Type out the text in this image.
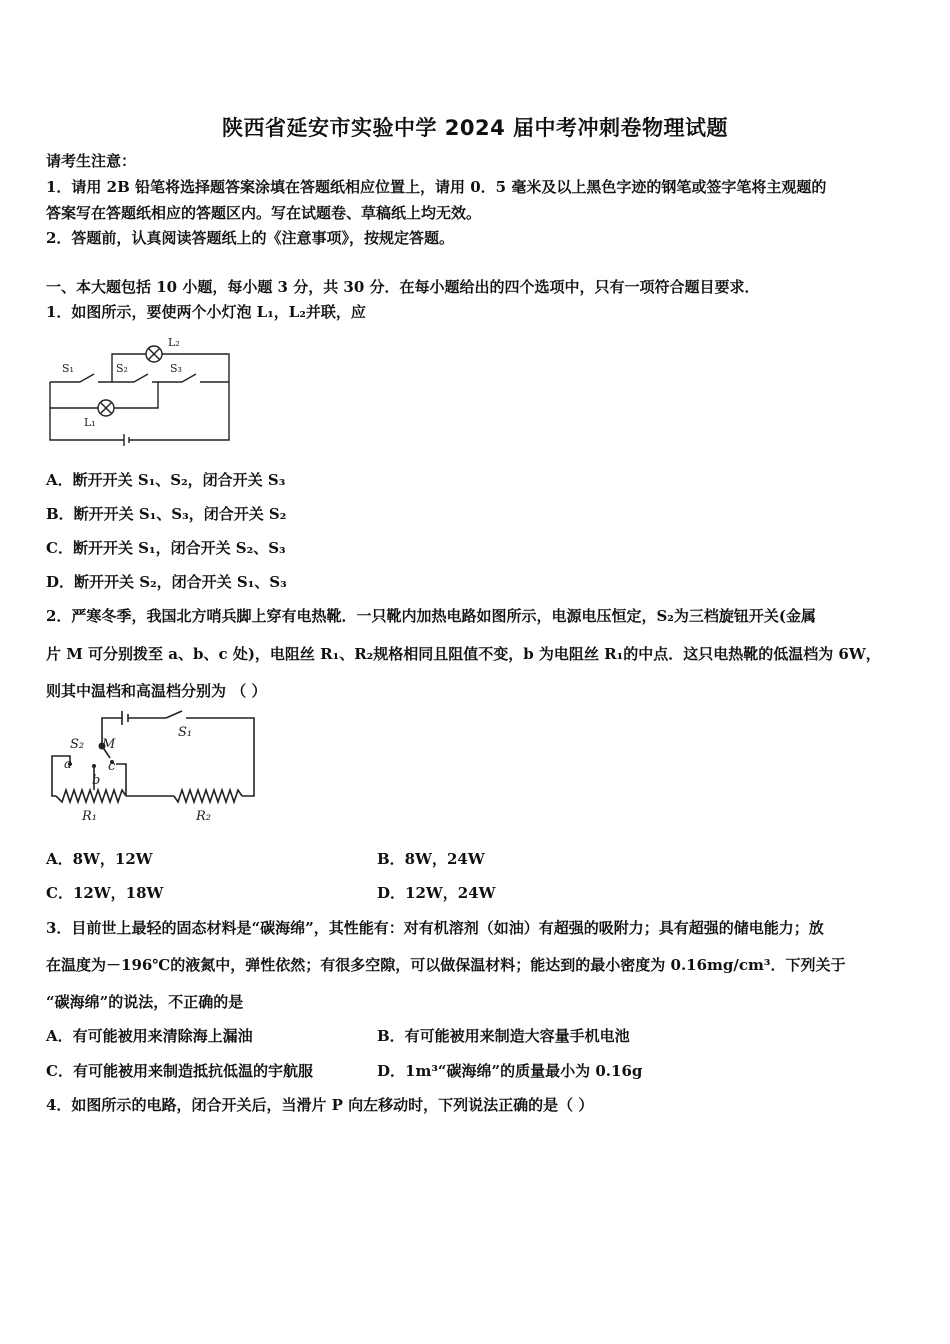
陕西省延安市实验中学 2024 届中考冲刺卷物理试题
请考生注意：
1．请用 2B 铅笔将选择题答案涂填在答题纸相应位置上，请用 0．5 毫米及以上黑色字迹的钢笔或签字笔将主观题的
答案写在答题纸相应的答题区内。写在试题卷、草稿纸上均无效。
2．答题前，认真阅读答题纸上的《注意事项》，按规定答题。
一、本大题包括 10 小题，每小题 3 分，共 30 分．在每小题给出的四个选项中，只有一项符合题目要求．
1．如图所示，要使两个小灯泡 L₁，L₂并联，应
S₁	S₂	S₃
L₁
L₂
A．断开开关 S₁、S₂，闭合开关 S₃
B．断开开关 S₁、S₃，闭合开关 S₂
C．断开开关 S₁，闭合开关 S₂、S₃
D．断开开关 S₂，闭合开关 S₁、S₃
2．严寒冬季，我国北方哨兵脚上穿有电热靴．一只靴内加热电路如图所示，电源电压恒定，S₂为三档旋钮开关(金属
片 M 可分别拨至 a、b、c 处)，电阻丝 R₁、R₂规格相同且阻值不变，b 为电阻丝 R₁的中点．这只电热靴的低温档为 6W，
则其中温档和高温档分别为 （ ）
S₂ M
S₁
a
b
c
R₁	R₂
A．8W，12W	B．8W，24W
C．12W，18W	D．12W，24W
3．目前世上最轻的固态材料是“碳海绵”，其性能有：对有机溶剂（如油）有超强的吸附力；具有超强的储电能力；放
在温度为－196℃的液氮中，弹性依然；有很多空隙，可以做保温材料；能达到的最小密度为 0.16mg/cm³．下列关于
“碳海绵”的说法，不正确的是
A．有可能被用来清除海上漏油	B．有可能被用来制造大容量手机电池
C．有可能被用来制造抵抗低温的宇航服	D．1m³“碳海绵”的质量最小为 0.16g
4．如图所示的电路，闭合开关后，当滑片 P 向左移动时，下列说法正确的是（ ）
